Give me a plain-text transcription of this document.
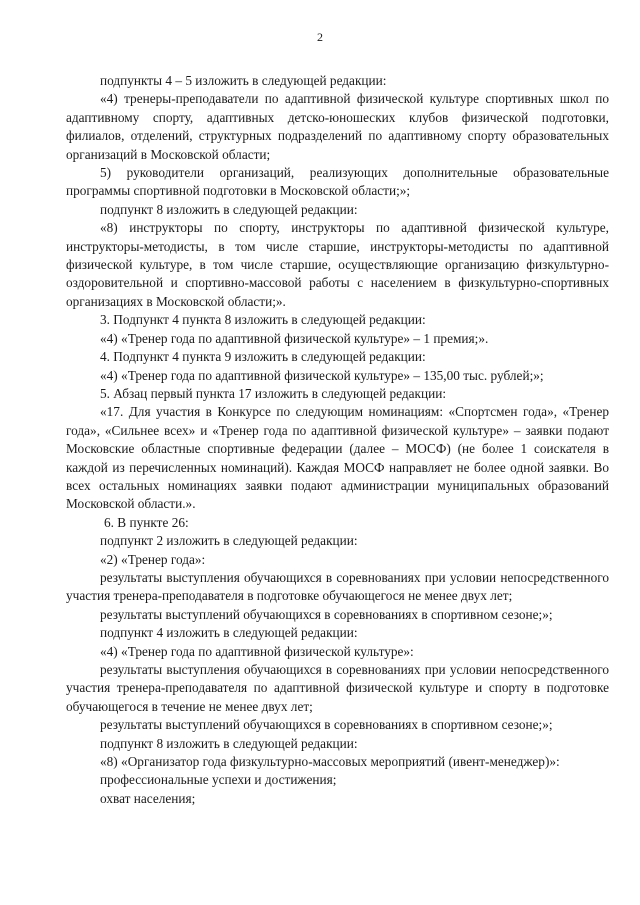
2

подпункты 4 – 5 изложить в следующей редакции:

«4) тренеры-преподаватели по адаптивной физической культуре спортивных школ по адаптивному спорту, адаптивных детско-юношеских клубов физической подготовки, филиалов, отделений, структурных подразделений по адаптивному спорту образовательных организаций в Московской области;

5) руководители организаций, реализующих дополнительные образовательные программы спортивной подготовки в Московской области;»;

подпункт 8 изложить в следующей редакции:

«8) инструкторы по спорту, инструкторы по адаптивной физической культуре, инструкторы-методисты, в том числе старшие, инструкторы-методисты по адаптивной физической культуре, в том числе старшие, осуществляющие организацию физкультурно-оздоровительной и спортивно-массовой работы с населением в физкультурно-спортивных организациях в Московской области;».

3. Подпункт 4 пункта 8 изложить в следующей редакции:

«4) «Тренер года по адаптивной физической культуре» – 1 премия;».

4. Подпункт 4 пункта 9 изложить в следующей редакции:

«4) «Тренер года по адаптивной физической культуре» – 135,00 тыс. рублей;»;

5. Абзац первый пункта 17 изложить в следующей редакции:

«17. Для участия в Конкурсе по следующим номинациям: «Спортсмен года», «Тренер года», «Сильнее всех» и «Тренер года по адаптивной физической культуре» – заявки подают Московские областные спортивные федерации (далее – МОСФ) (не более 1 соискателя в каждой из перечисленных номинаций). Каждая МОСФ направляет не более одной заявки. Во всех остальных номинациях заявки подают администрации муниципальных образований Московской области.».

6. В пункте 26:

подпункт 2 изложить в следующей редакции:

«2) «Тренер года»:

результаты выступления обучающихся в соревнованиях при условии непосредственного участия тренера-преподавателя в подготовке обучающегося не менее двух лет;

результаты выступлений обучающихся в соревнованиях в спортивном сезоне;»;

подпункт 4 изложить в следующей редакции:

«4) «Тренер года по адаптивной физической культуре»:

результаты выступления обучающихся в соревнованиях при условии непосредственного участия тренера-преподавателя по адаптивной физической культуре и спорту в подготовке обучающегося в течение не менее двух лет;

результаты выступлений обучающихся в соревнованиях в спортивном сезоне;»;

подпункт 8 изложить в следующей редакции:

«8) «Организатор года физкультурно-массовых мероприятий (ивент-менеджер)»:

профессиональные успехи и достижения;

охват населения;
